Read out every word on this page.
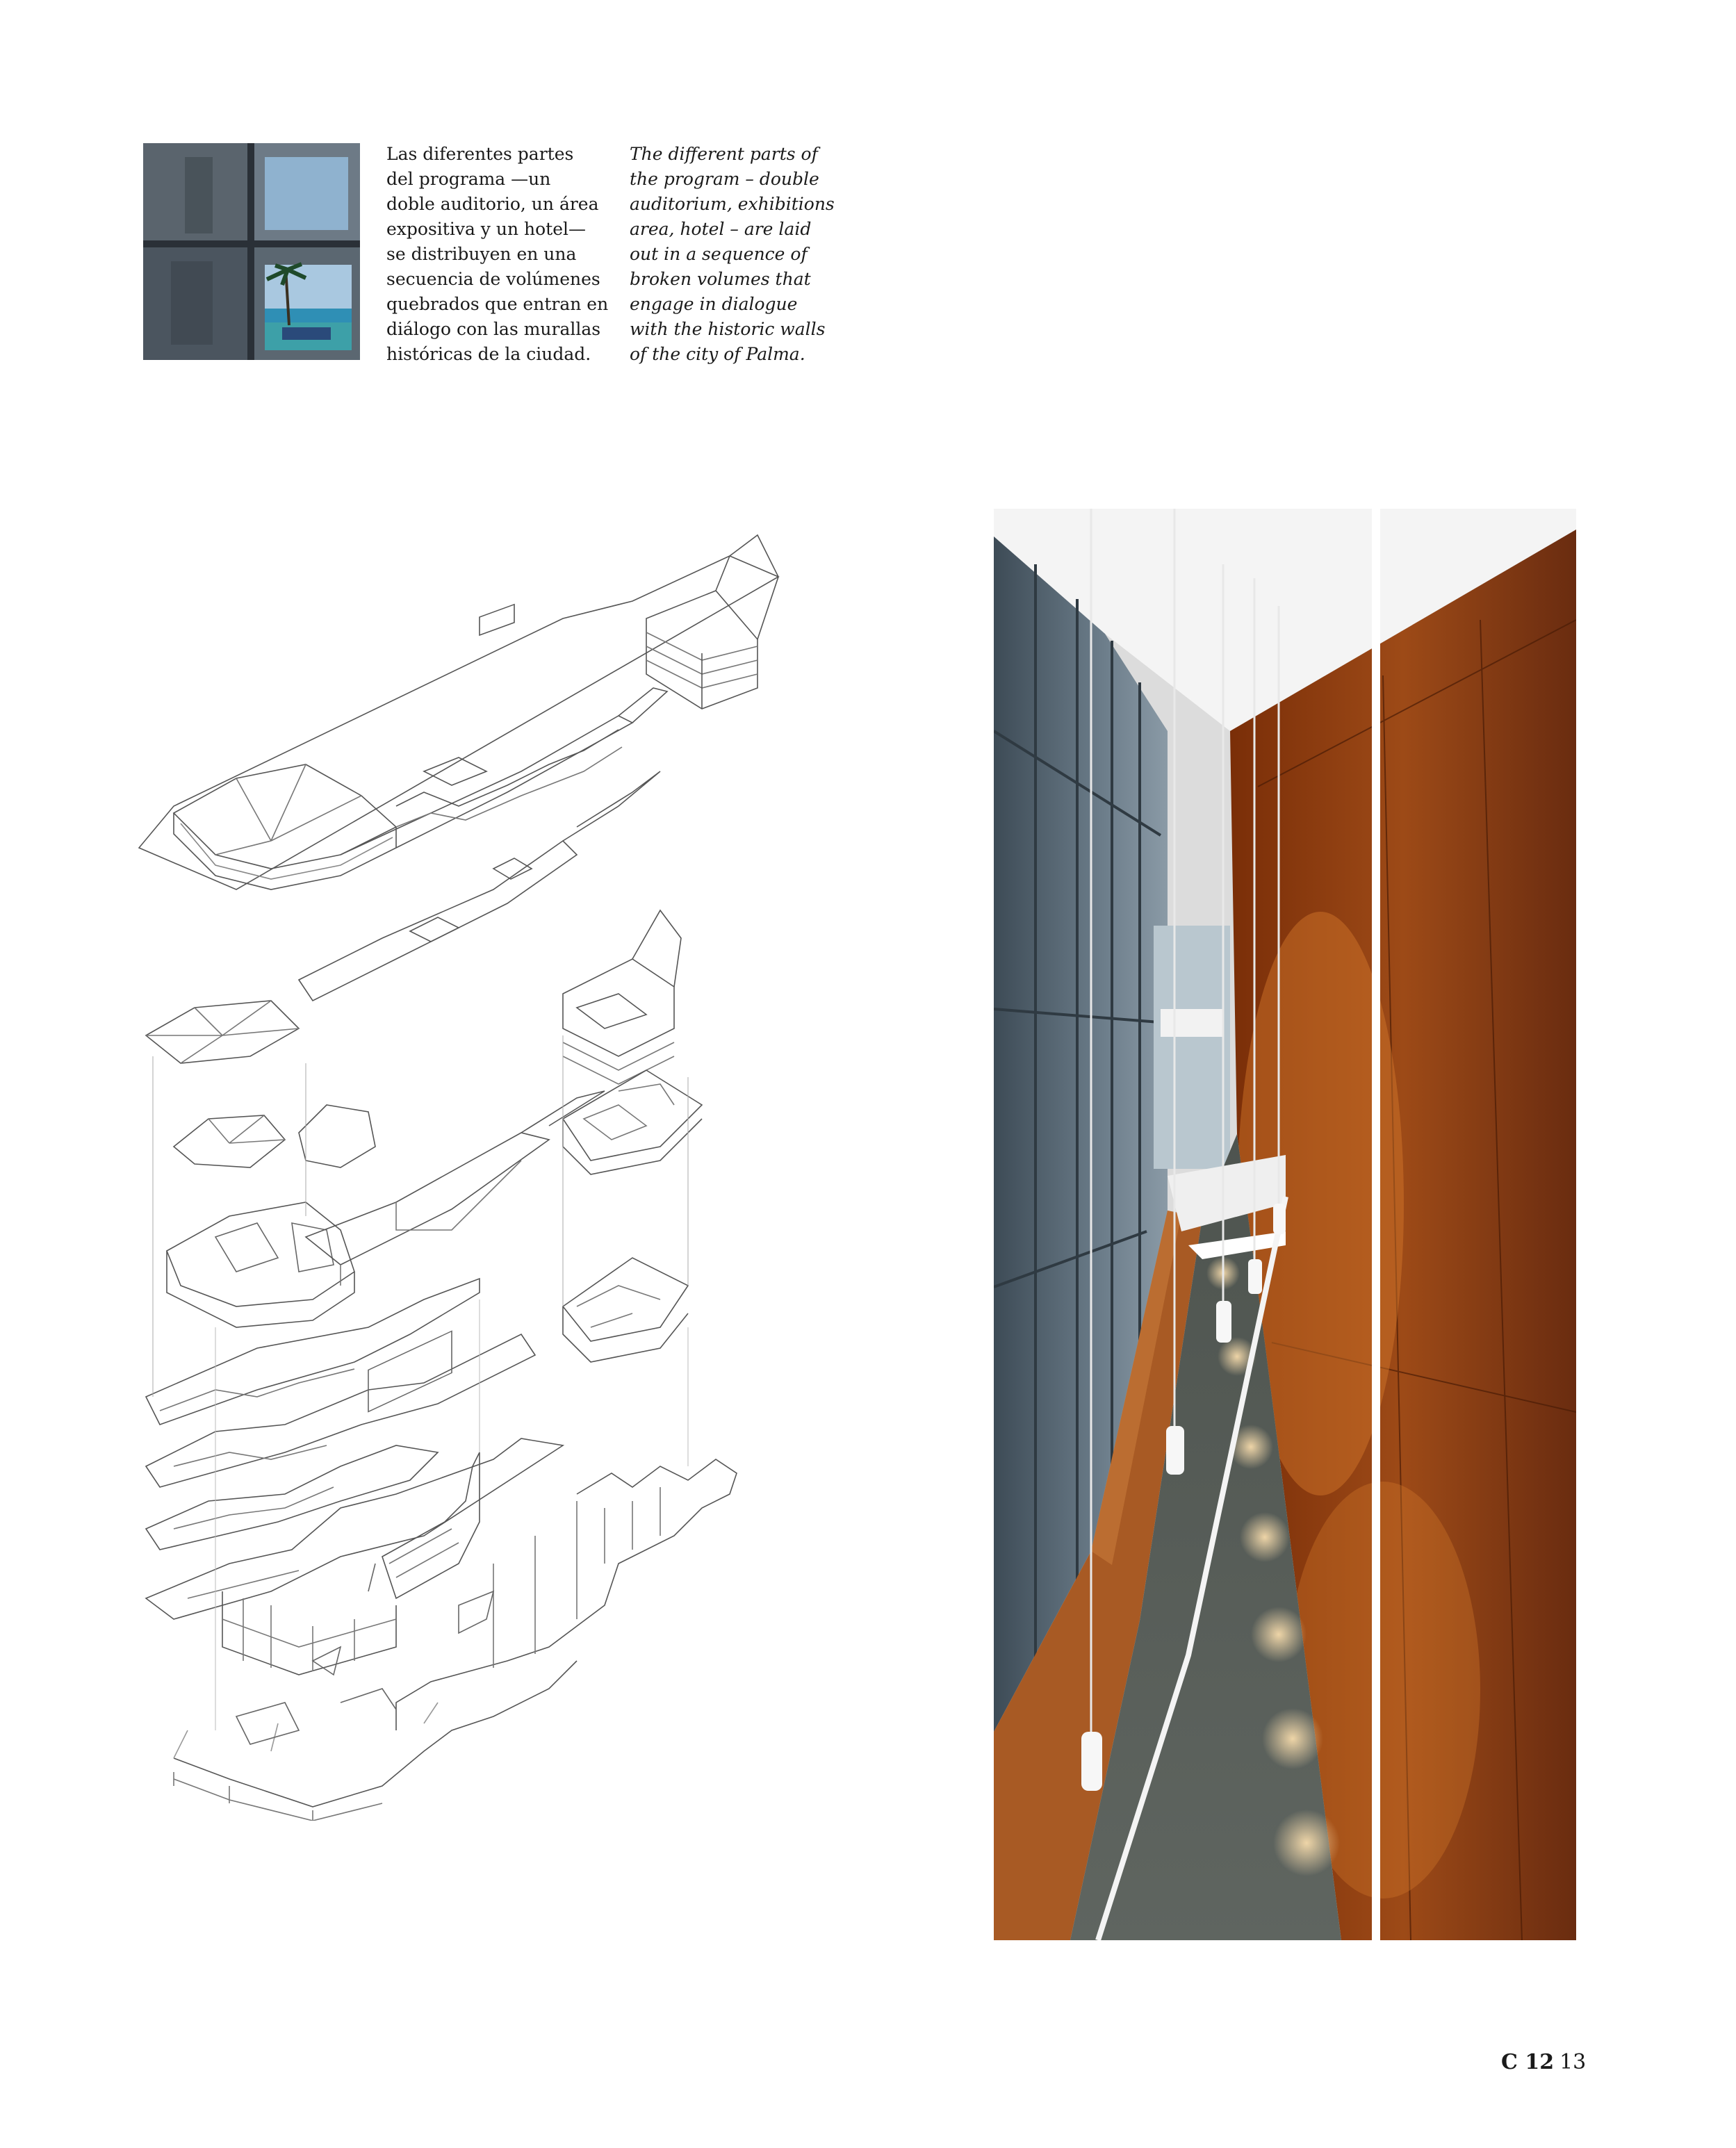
Las diferentes partes
del programa —un
doble auditorio, un área
expositiva y un hotel—
se distribuyen en una
secuencia de volúmenes
quebrados que entran en
diálogo con las murallas
históricas de la ciudad.
The different parts of
the program – double
auditorium, exhibitions
area, hotel – are laid
out in a sequence of
broken volumes that
engage in dialogue
with the historic walls
of the city of Palma.
C 12 13
